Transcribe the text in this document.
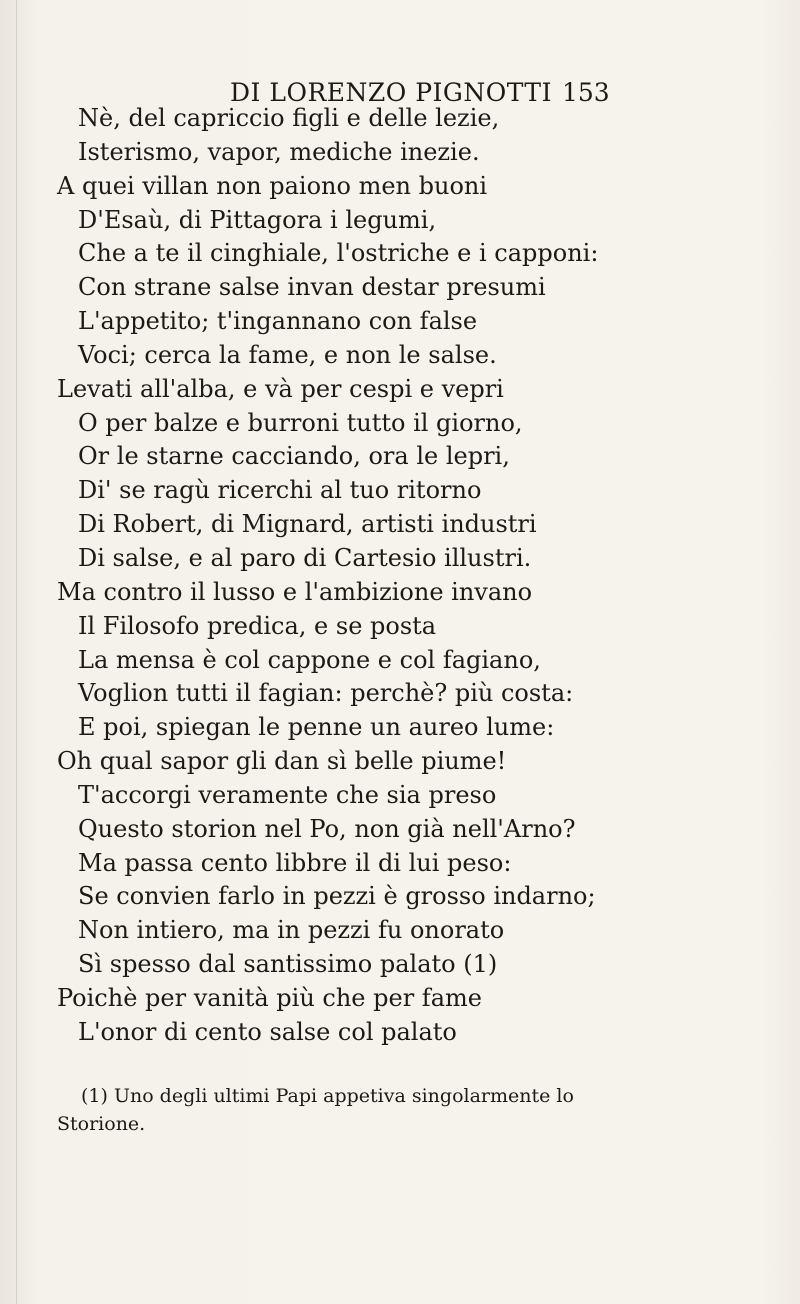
DI LORENZO PIGNOTTI 153
Nè, del capriccio figli e delle lezie,
Isterismo, vapor, mediche inezie.
A quei villan non paiono men buoni
D'Esaù, di Pittagora i legumi,
Che a te il cinghiale, l'ostriche e i capponi:
Con strane salse invan destar presumi
L'appetito; t'ingannano con false
Voci; cerca la fame, e non le salse.
Levati all'alba, e và per cespi e vepri
O per balze e burroni tutto il giorno,
Or le starne cacciando, ora le lepri,
Di' se ragù ricerchi al tuo ritorno
Di Robert, di Mignard, artisti industri
Di salse, e al paro di Cartesio illustri.
Ma contro il lusso e l'ambizione invano
Il Filosofo predica, e se posta
La mensa è col cappone e col fagiano,
Voglion tutti il fagian: perchè? più costa:
E poi, spiegan le penne un aureo lume:
Oh qual sapor gli dan sì belle piume!
T'accorgi veramente che sia preso
Questo storion nel Po, non già nell'Arno?
Ma passa cento libbre il di lui peso:
Se convien farlo in pezzi è grosso indarno;
Non intiero, ma in pezzi fu onorato
Sì spesso dal santissimo palato (1)
Poichè per vanità più che per fame
L'onor di cento salse col palato
(1) Uno degli ultimi Papi appetiva singolarmente lo
Storione.
